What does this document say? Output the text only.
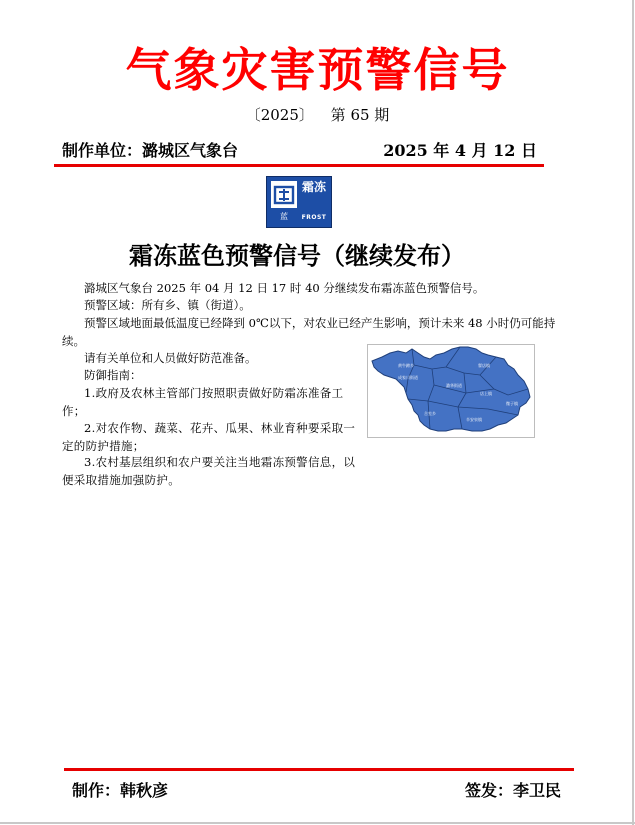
气象灾害预警信号
〔2025〕 第 65 期
制作单位：潞城区气象台	2025 年 4 月 12 日
蓝
霜冻
FROST
霜冻蓝色预警信号（继续发布）
潞城区气象台 2025 年 04 月 12 日 17 时 40 分继续发布霜冻蓝色预警信号。
预警区域：所有乡、镇（街道）。
预警区域地面最低温度已经降到 0℃以下，对农业已经产生影响，预计未来 48 小时仍可能持续。
请有关单位和人员做好防范准备。
防御指南：
1.政府及农林主管部门按照职责做好防霜冻准备工作；
2.对农作物、蔬菜、花卉、瓜果、林业育种要采取一定的防护措施；
3.农村基层组织和农户要关注当地霜冻预警信息，以便采取措施加强防护。
黄牛蹄乡
成家川街道
翟店镇
潞华街道
店上镇
微子镇
辛安泉镇
合室乡
制作：韩秋彦	签发：李卫民
